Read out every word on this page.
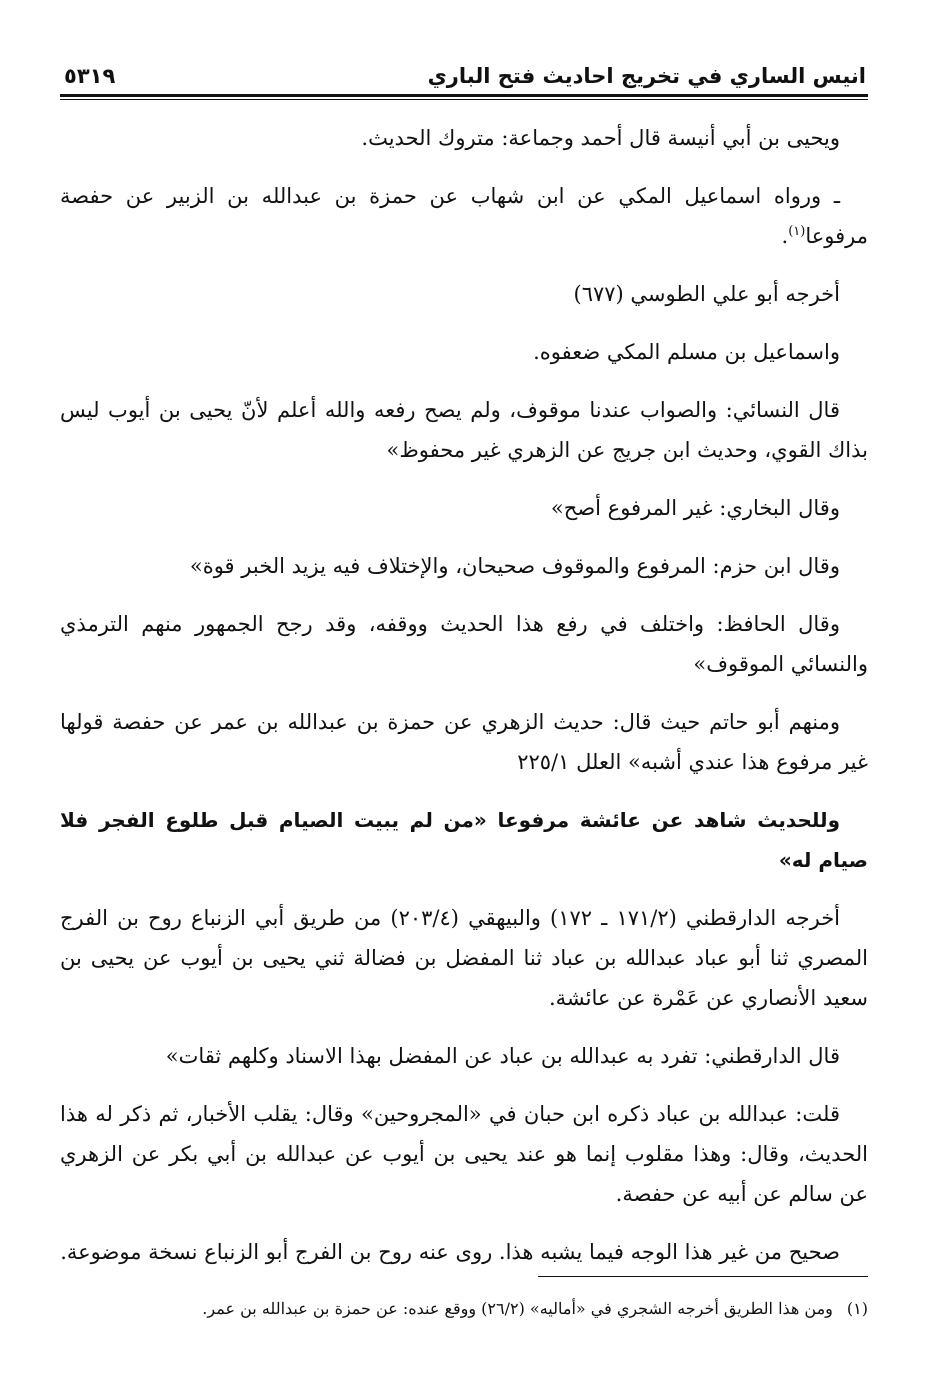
انيس الساري في تخريج احاديث فتح الباري
٥٣١٩

ويحيى بن أبي أنيسة قال أحمد وجماعة: متروك الحديث.

ـ ورواه اسماعيل المكي عن ابن شهاب عن حمزة بن عبدالله بن الزبير عن حفصة مرفوعا$^{(١)}$.

أخرجه أبو علي الطوسي (٦٧٧)

واسماعيل بن مسلم المكي ضعفوه.

قال النسائي: والصواب عندنا موقوف، ولم يصح رفعه والله أعلم لأنّ يحيى بن أيوب ليس بذاك القوي، وحديث ابن جريج عن الزهري غير محفوظ»

وقال البخاري: غير المرفوع أصح»

وقال ابن حزم: المرفوع والموقوف صحيحان، والإختلاف فيه يزيد الخبر قوة»

وقال الحافظ: واختلف في رفع هذا الحديث ووقفه، وقد رجح الجمهور منهم الترمذي والنسائي الموقوف»

ومنهم أبو حاتم حيث قال: حديث الزهري عن حمزة بن عبدالله بن عمر عن حفصة قولها غير مرفوع هذا عندي أشبه» العلل ٢٢٥/١

وللحديث شاهد عن عائشة مرفوعا «من لم يبيت الصيام قبل طلوع الفجر فلا صيام له»

أخرجه الدارقطني (١٧١/٢ ـ ١٧٢) والبيهقي (٢٠٣/٤) من طريق أبي الزنباع روح بن الفرج المصري ثنا أبو عباد عبدالله بن عباد ثنا المفضل بن فضالة ثني يحيى بن أيوب عن يحيى بن سعيد الأنصاري عن عَمْرة عن عائشة.

قال الدارقطني: تفرد به عبدالله بن عباد عن المفضل بهذا الاسناد وكلهم ثقات»

قلت: عبدالله بن عباد ذكره ابن حبان في «المجروحين» وقال: يقلب الأخبار، ثم ذكر له هذا الحديث، وقال: وهذا مقلوب إنما هو عند يحيى بن أيوب عن عبدالله بن أبي بكر عن الزهري عن سالم عن أبيه عن حفصة.

صحيح من غير هذا الوجه فيما يشبه هذا. روى عنه روح بن الفرج أبو الزنباع نسخة موضوعة.

(١)
ومن هذا الطريق أخرجه الشجري في «أماليه» (٢٦/٢) ووقع عنده: عن حمزة بن عبدالله بن عمر.
